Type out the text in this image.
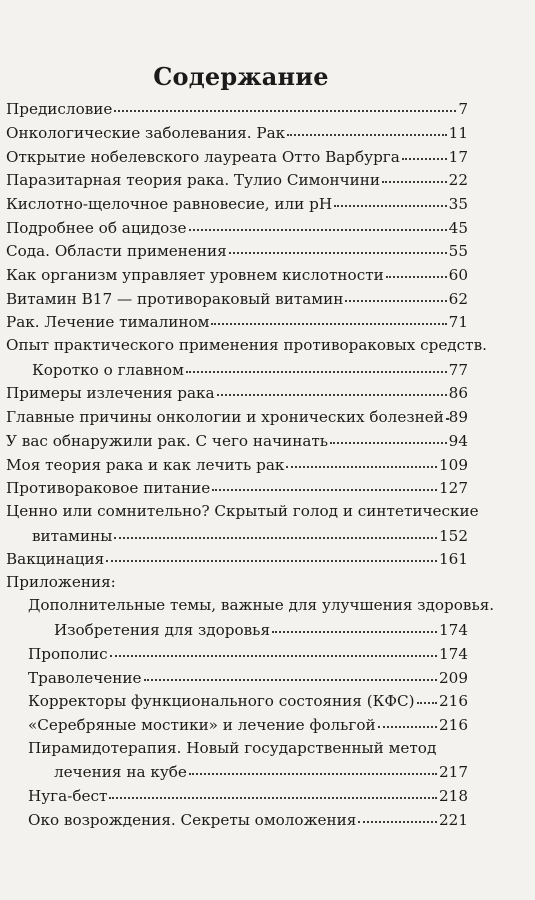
Содержание
Предисловие	7
Онкологические заболевания. Рак	11
Открытие нобелевского лауреата Отто Варбурга	17
Паразитарная теория рака. Тулио Симончини	22
Кислотно-щелочное равновесие, или pH	35
Подробнее об ацидозе	45
Сода. Области применения	55
Как организм управляет уровнем кислотности	60
Витамин B17 — противораковый витамин	62
Рак. Лечение тималином	71
Опыт практического применения противораковых средств.
Коротко о главном	77
Примеры излечения рака	86
Главные причины онкологии и хронических болезней 89
У вас обнаружили рак. С чего начинать	94
Моя теория рака и как лечить рак	109
Противораковое питание	127
Ценно или сомнительно? Скрытый голод и синтетические
витамины	152
Вакцинация	161
Приложения:
Дополнительные темы, важные для улучшения здоровья.
Изобретения для здоровья	174
Прополис	174
Траволечение	209
Корректоры функционального состояния (КФС) 216
«Серебряные мостики» и лечение фольгой	216
Пирамидотерапия. Новый государственный метод
лечения на кубе	217
Нуга-бест	218
Око возрождения. Секреты омоложения	221
